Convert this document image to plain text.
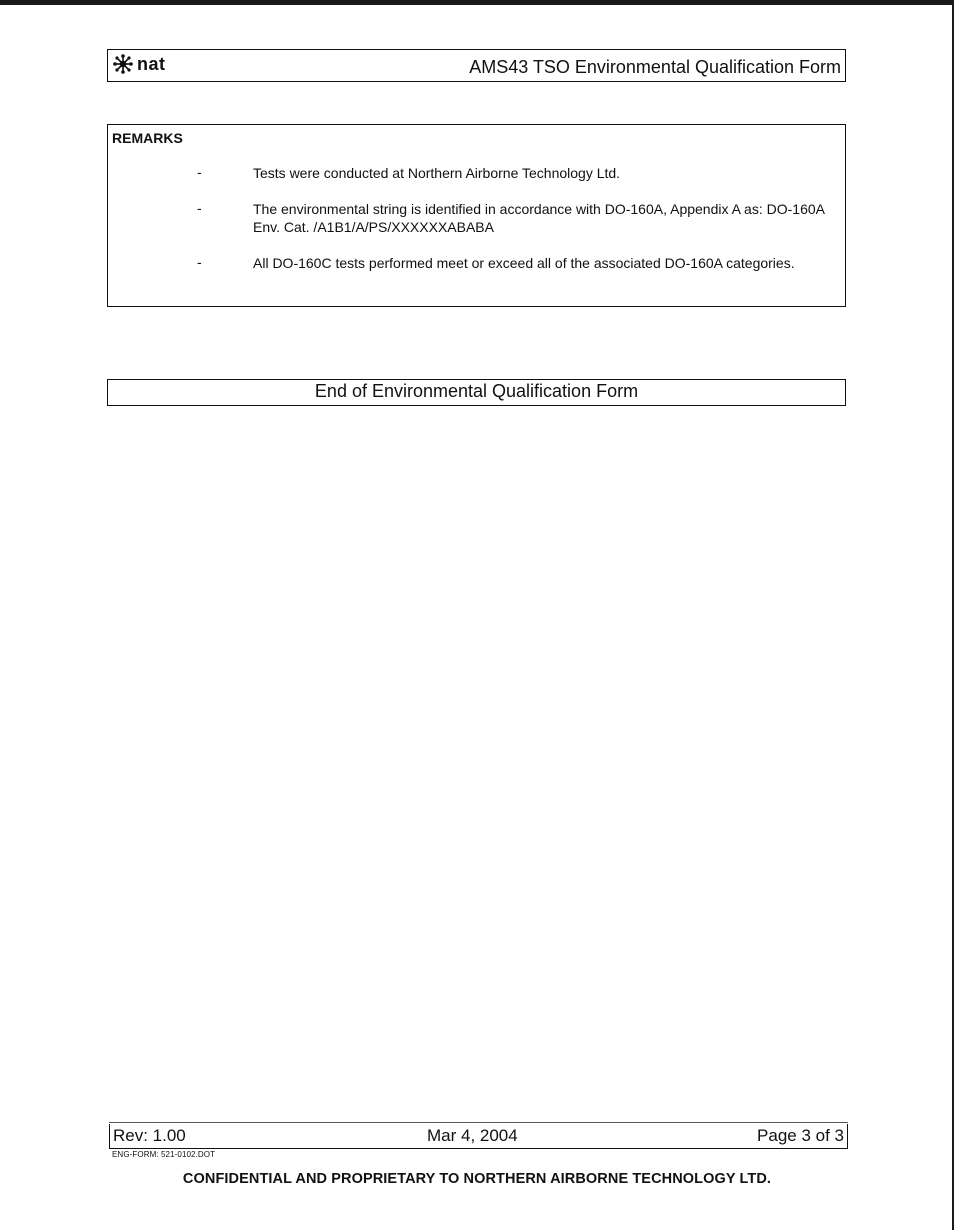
nat	AMS43 TSO Environmental Qualification Form
REMARKS
-	Tests were conducted at Northern Airborne Technology Ltd.
-	The environmental string is identified in accordance with DO-160A, Appendix A as: DO-160A Env. Cat. /A1B1/A/PS/XXXXXXABABA
-	All DO-160C tests performed meet or exceed all of the associated DO-160A categories.
End of Environmental Qualification Form
Rev: 1.00	Mar 4, 2004	Page 3 of 3
ENG-FORM: 521-0102.DOT
CONFIDENTIAL AND PROPRIETARY TO NORTHERN AIRBORNE TECHNOLOGY LTD.
